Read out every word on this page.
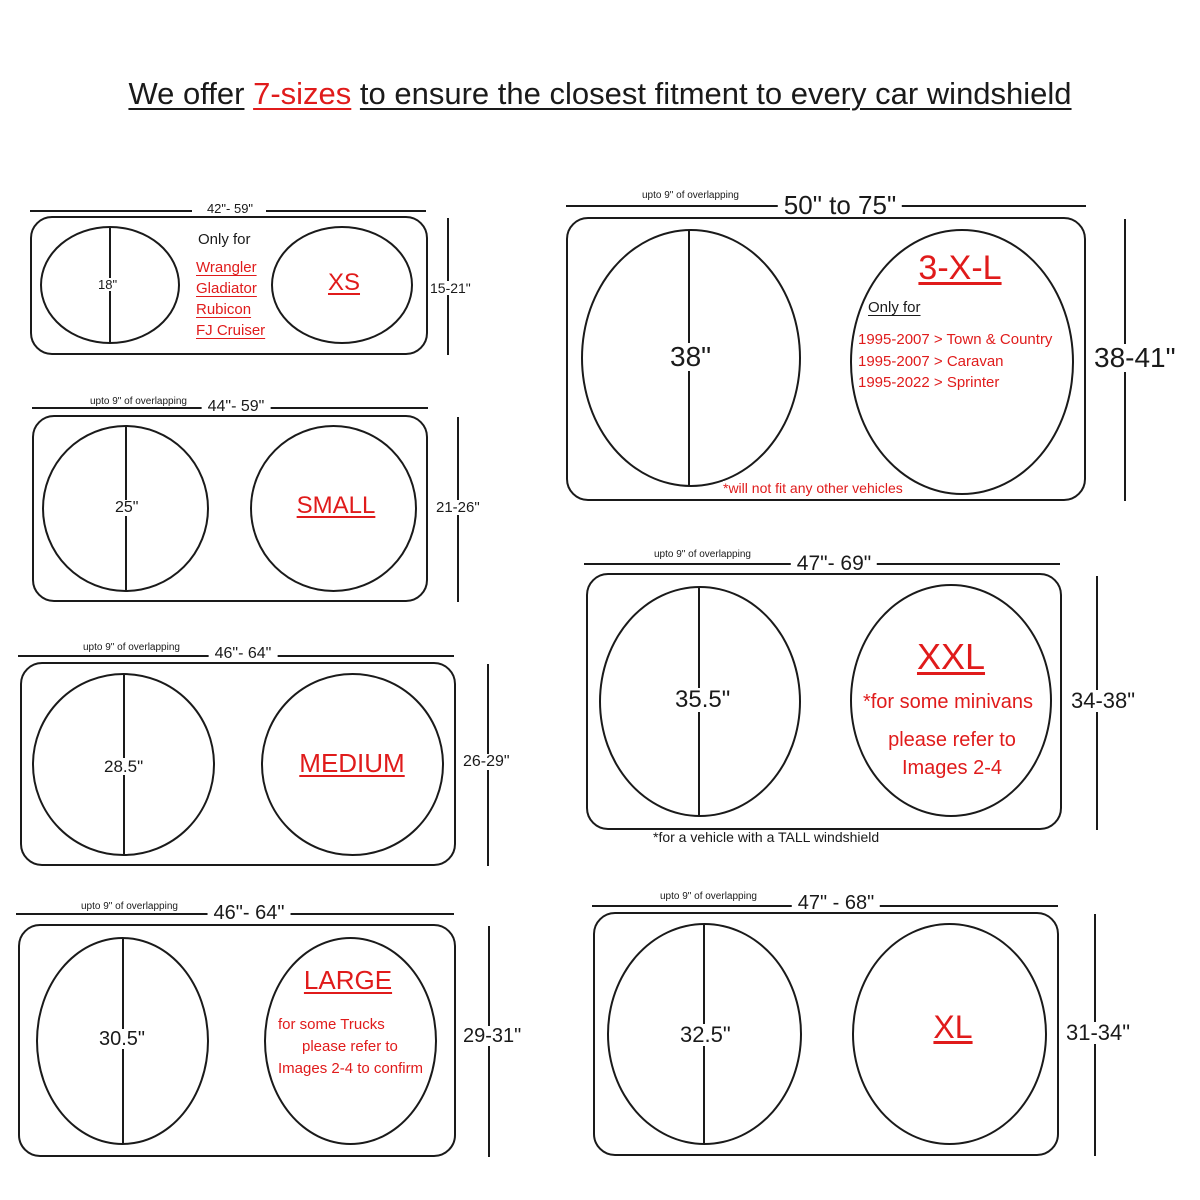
We offer 7-sizes to ensure the closest fitment to every car windshield
42"- 59"
18"
Only for
Wrangler
Gladiator
Rubicon
FJ Cruiser
XS	15-21"
upto 9" of overlapping	44"- 59"
25"	SMALL	21-26"
upto 9" of overlapping	46"- 64"
28.5"	MEDIUM	26-29"
upto 9" of overlapping	46"- 64"
30.5"
LARGE
for some Trucks
please refer to
Images 2-4 to confirm
29-31"
upto 9" of overlapping 50" to 75"
38"
3-X-L
Only for
1995-2007 > Town & Country
1995-2007 > Caravan
1995-2022 > Sprinter
*will not fit any other vehicles
38-41"
upto 9" of overlapping 47"- 69"
35.5"
XXL
*for some minivans
please refer to
Images 2-4
*for a vehicle with a TALL windshield
34-38"
upto 9" of overlapping	47" - 68"
32.5"	XL	31-34"
